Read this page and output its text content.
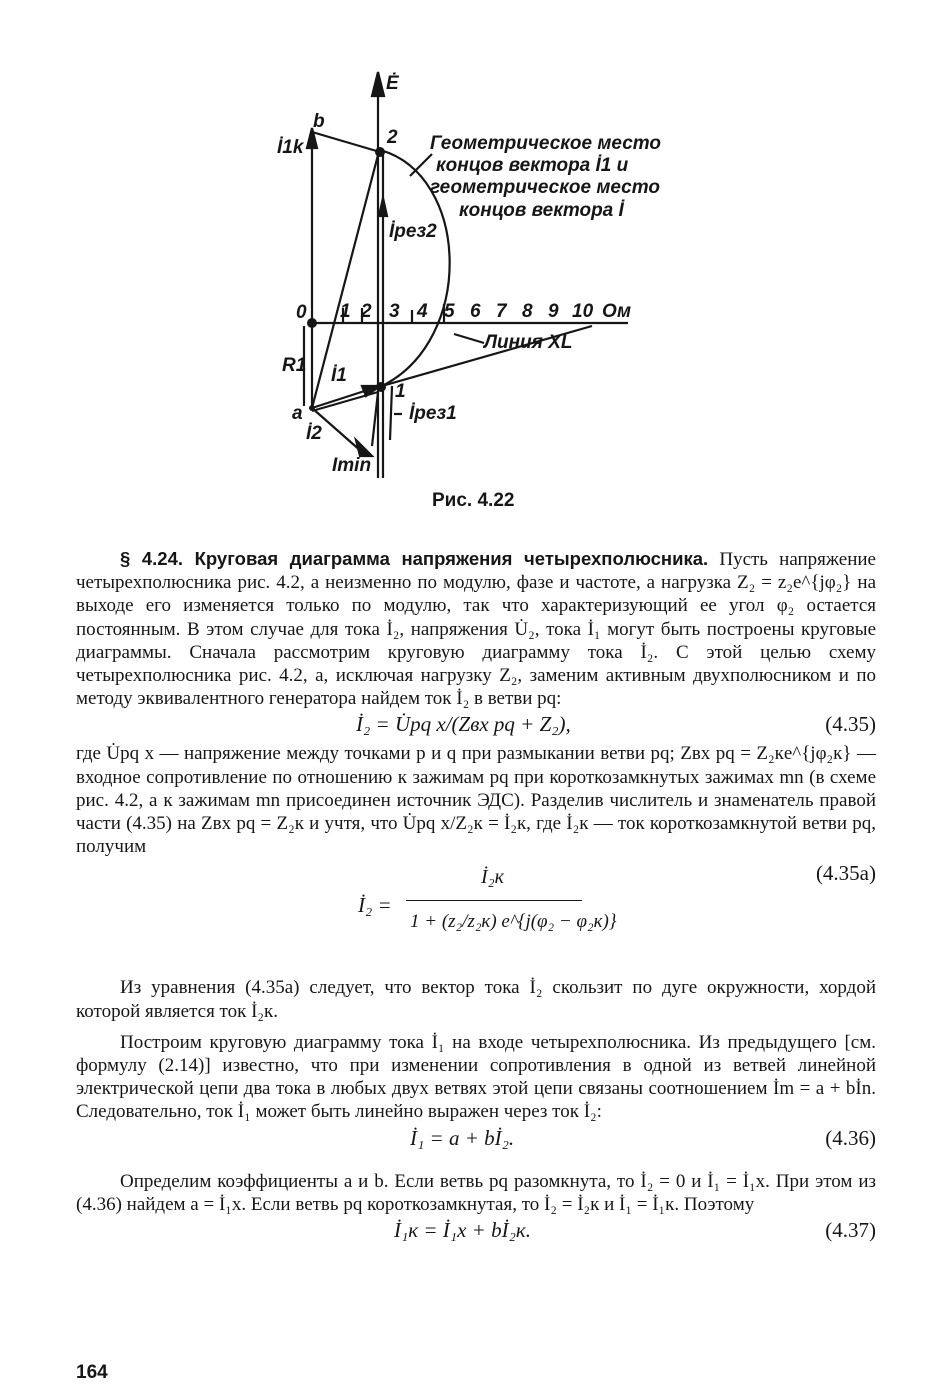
Ė
b
2
İ1k
İрез2
0
R1 İ1
1
a
İ2
İрез1
Imin
1 2 3 4 5 6 7 8 9 10 Ом
Геометрическое место
концов вектора İ1 и
геометрическое место
концов вектора İ
Линия XL
Рис. 4.22

§ 4.24. Круговая диаграмма напряжения четырехполюсника. Пусть напряжение четырехполюсника рис. 4.2, а неизменно по модулю, фазе и частоте, а нагрузка Z₂ = z₂e^{jφ₂} на выходе его изменяется только по модулю, так что характеризующий ее угол φ₂ остается постоянным. В этом случае для тока İ₂, напряжения U̇₂, тока İ₁ могут быть построены круговые диаграммы. Сначала рассмотрим круговую диаграмму тока İ₂. С этой целью схему четырехполюсника рис. 4.2, а, исключая нагрузку Z₂, заменим активным двухполюсником и по методу эквивалентного генератора найдем ток İ₂ в ветви pq:

İ₂ = U̇pq x/(Zвх pq + Z₂),	(4.35)

где U̇pq x — напряжение между точками p и q при размыкании ветви pq; Zвх pq = Z₂кe^{jφ₂к} — входное сопротивление по отношению к зажимам pq при короткозамкнутых зажимах mn (в схеме рис. 4.2, а к зажимам mn присоединен источник ЭДС). Разделив числитель и знаменатель правой части (4.35) на Zвх pq = Z₂к и учтя, что U̇pq x/Z₂к = İ₂к, где İ₂к — ток короткозамкнутой ветви pq, получим

İ₂ =
İ₂к
1 + (z₂/z₂к) e^{j(φ₂ − φ₂к)}
(4.35а)

Из уравнения (4.35а) следует, что вектор тока İ₂ скользит по дуге окружности, хордой которой является ток İ₂к.

Построим круговую диаграмму тока İ₁ на входе четырехполюсника. Из предыдущего [см. формулу (2.14)] известно, что при изменении сопротивления в одной из ветвей линейной электрической цепи два тока в любых двух ветвях этой цепи связаны соотношением İm = a + bİn. Следовательно, ток İ₁ может быть линейно выражен через ток İ₂:

İ₁ = a + bİ₂.	(4.36)

Определим коэффициенты a и b. Если ветвь pq разомкнута, то İ₂ = 0 и İ₁ = İ₁x. При этом из (4.36) найдем a = İ₁x. Если ветвь pq короткозамкнутая, то İ₂ = İ₂к и İ₁ = İ₁к. Поэтому

İ₁к = İ₁x + bİ₂к.	(4.37)
164
